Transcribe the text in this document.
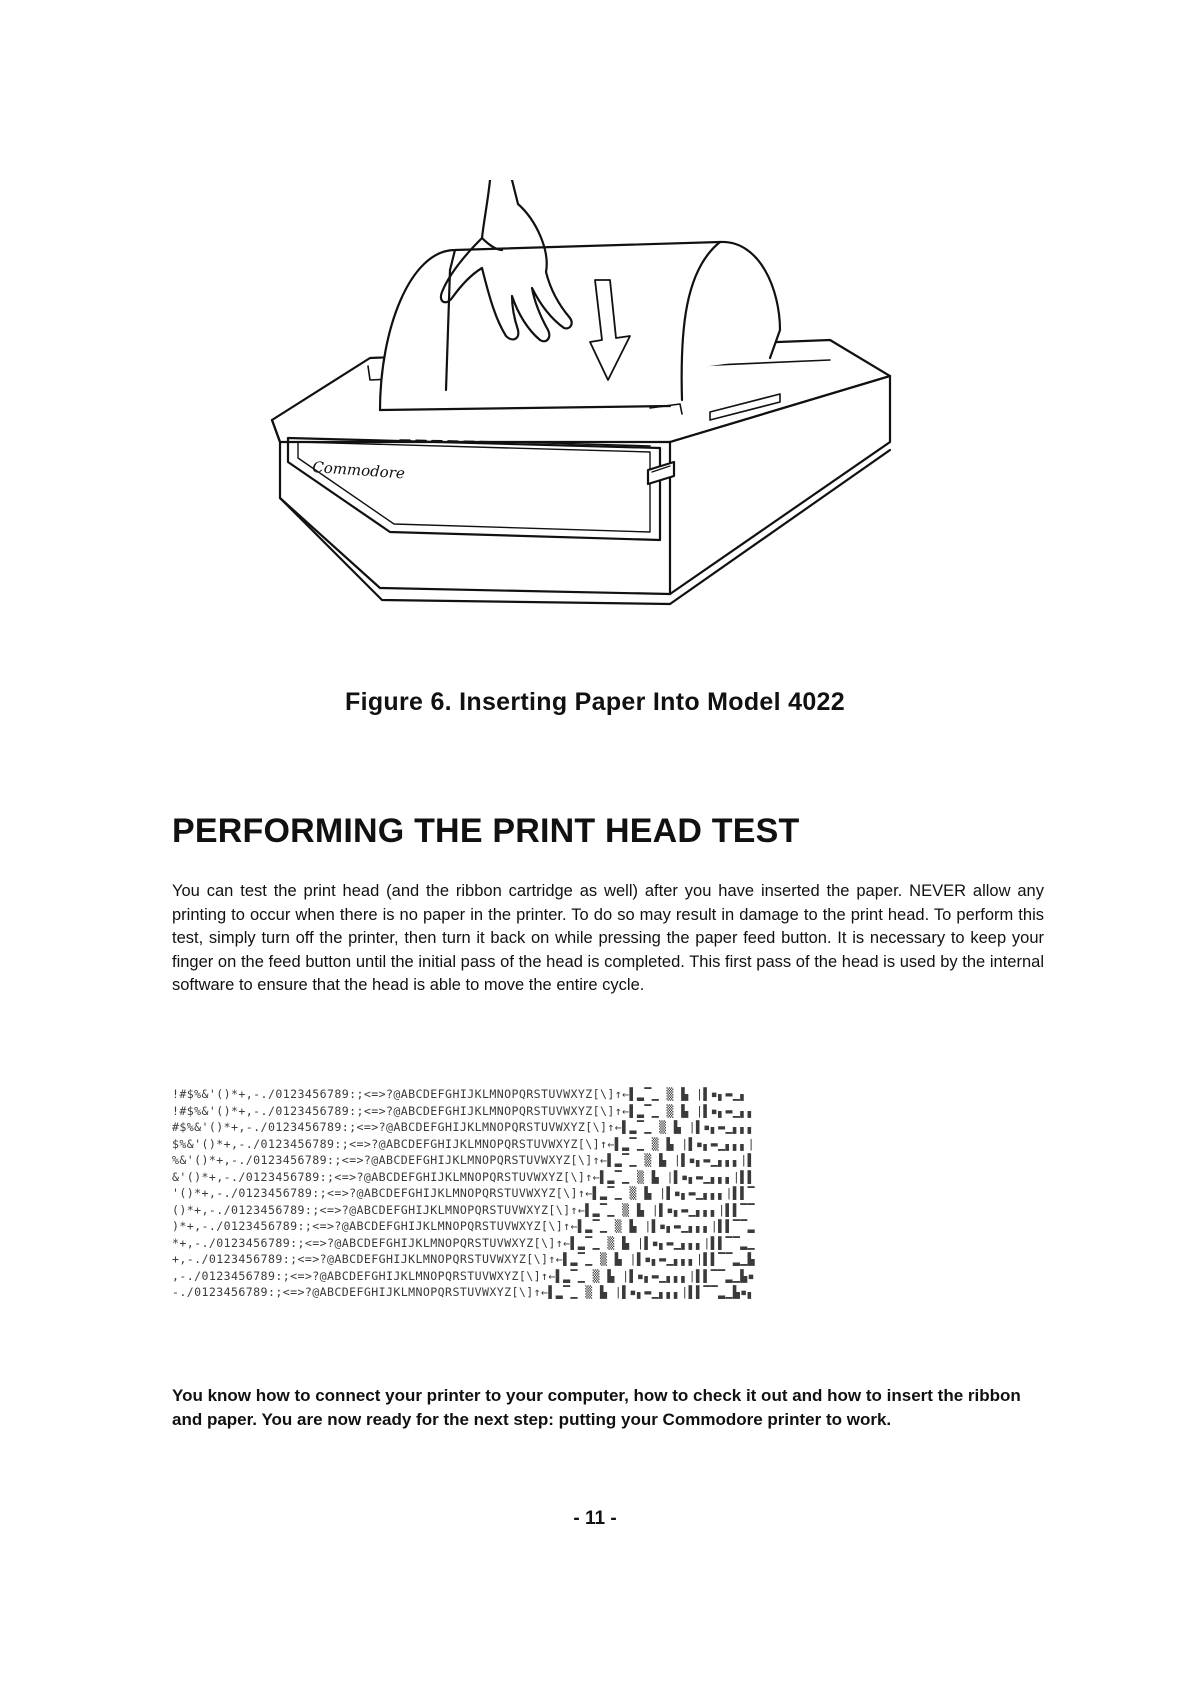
Commodore
Figure 6. Inserting Paper Into Model 4022
PERFORMING THE PRINT HEAD TEST

You can test the print head (and the ribbon cartridge as well) after you have inserted the paper. NEVER allow any printing to occur when there is no paper in the printer. To do so may result in damage to the print head. To perform this test, simply turn off the printer, then turn it back on while pressing the paper feed button. It is necessary to keep your finger on the feed button until the initial pass of the head is completed. This first pass of the head is used by the internal software to ensure that the head is able to move the entire cycle.

!#$%&'()*+,-./0123456789:;<=>?@ABCDEFGHIJKLMNOPQRSTUVWXYZ[\]↑←▌▂▔▁ ▒ ▙ |▌▪▖▬▁▖
!#$%&'()*+,-./0123456789:;<=>?@ABCDEFGHIJKLMNOPQRSTUVWXYZ[\]↑←▌▂▔▁ ▒ ▙ |▌▪▖▬▁▖▖
#$%&'()*+,-./0123456789:;<=>?@ABCDEFGHIJKLMNOPQRSTUVWXYZ[\]↑←▌▂▔▁ ▒ ▙ |▌▪▖▬▁▖▖▖
$%&'()*+,-./0123456789:;<=>?@ABCDEFGHIJKLMNOPQRSTUVWXYZ[\]↑←▌▂▔▁ ▒ ▙ |▌▪▖▬▁▖▖▖|
%&'()*+,-./0123456789:;<=>?@ABCDEFGHIJKLMNOPQRSTUVWXYZ[\]↑←▌▂▔▁ ▒ ▙ |▌▪▖▬▁▖▖▖|▌
&'()*+,-./0123456789:;<=>?@ABCDEFGHIJKLMNOPQRSTUVWXYZ[\]↑←▌▂▔▁ ▒ ▙ |▌▪▖▬▁▖▖▖|▌▌
'()*+,-./0123456789:;<=>?@ABCDEFGHIJKLMNOPQRSTUVWXYZ[\]↑←▌▂▔▁ ▒ ▙ |▌▪▖▬▁▖▖▖|▌▌▔
()*+,-./0123456789:;<=>?@ABCDEFGHIJKLMNOPQRSTUVWXYZ[\]↑←▌▂▔▁ ▒ ▙ |▌▪▖▬▁▖▖▖|▌▌▔▔
)*+,-./0123456789:;<=>?@ABCDEFGHIJKLMNOPQRSTUVWXYZ[\]↑←▌▂▔▁ ▒ ▙ |▌▪▖▬▁▖▖▖|▌▌▔▔▂
*+,-./0123456789:;<=>?@ABCDEFGHIJKLMNOPQRSTUVWXYZ[\]↑←▌▂▔▁ ▒ ▙ |▌▪▖▬▁▖▖▖|▌▌▔▔▂▁
+,-./0123456789:;<=>?@ABCDEFGHIJKLMNOPQRSTUVWXYZ[\]↑←▌▂▔▁ ▒ ▙ |▌▪▖▬▁▖▖▖|▌▌▔▔▂▁▙
,-./0123456789:;<=>?@ABCDEFGHIJKLMNOPQRSTUVWXYZ[\]↑←▌▂▔▁ ▒ ▙ |▌▪▖▬▁▖▖▖|▌▌▔▔▂▁▙▪
-./0123456789:;<=>?@ABCDEFGHIJKLMNOPQRSTUVWXYZ[\]↑←▌▂▔▁ ▒ ▙ |▌▪▖▬▁▖▖▖|▌▌▔▔▂▁▙▪▖

You know how to connect your printer to your computer, how to check it out and how to insert the ribbon and paper. You are now ready for the next step: putting your Commodore printer to work.

- 11 -
